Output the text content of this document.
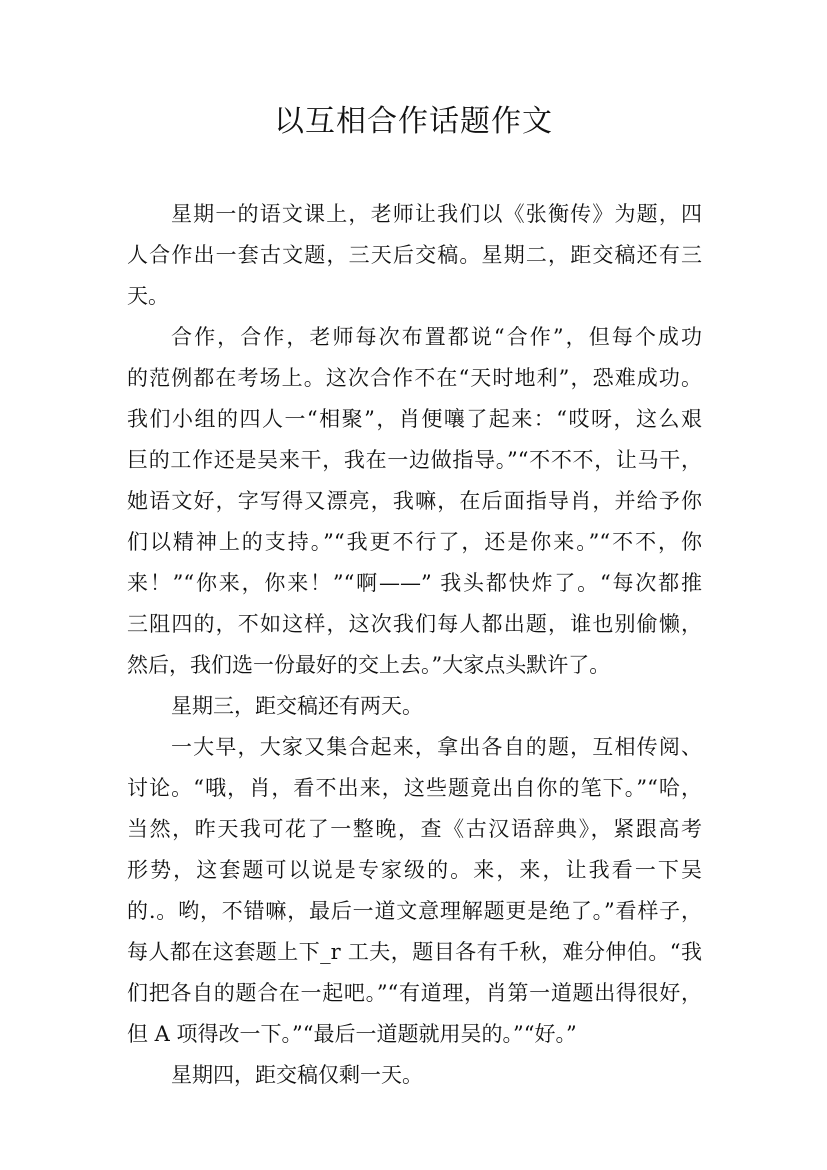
以互相合作话题作文
星期一的语文课上，老师让我们以《张衡传》为题，四
人合作出一套古文题，三天后交稿。星期二，距交稿还有三
天。
合作，合作，老师每次布置都说“合作”，但每个成功
的范例都在考场上。这次合作不在“天时地利”，恐难成功。
我们小组的四人一“相聚”，肖便嚷了起来：“哎呀，这么艰
巨的工作还是吴来干，我在一边做指导。”“不不不，让马干，
她语文好，字写得又漂亮，我嘛，在后面指导肖，并给予你
们以精神上的支持。”“我更不行了，还是你来。”“不不，你
来！”“你来，你来！”“啊——” 我头都快炸了。“每次都推
三阻四的，不如这样，这次我们每人都出题，谁也别偷懒，
然后，我们选一份最好的交上去。”大家点头默许了。
星期三，距交稿还有两天。
一大早，大家又集合起来，拿出各自的题，互相传阅、
讨论。“哦，肖，看不出来，这些题竟出自你的笔下。”“哈，
当然，昨天我可花了一整晚，查《古汉语辞典》，紧跟高考
形势，这套题可以说是专家级的。来，来，让我看一下吴
的.。哟，不错嘛，最后一道文意理解题更是绝了。”看样子，
每人都在这套题上下_r 工夫，题目各有千秋，难分伸伯。“我
们把各自的题合在一起吧。”“有道理，肖第一道题出得很好，
但 A 项得改一下。”“最后一道题就用吴的。”“好。”
星期四，距交稿仅剩一天。
